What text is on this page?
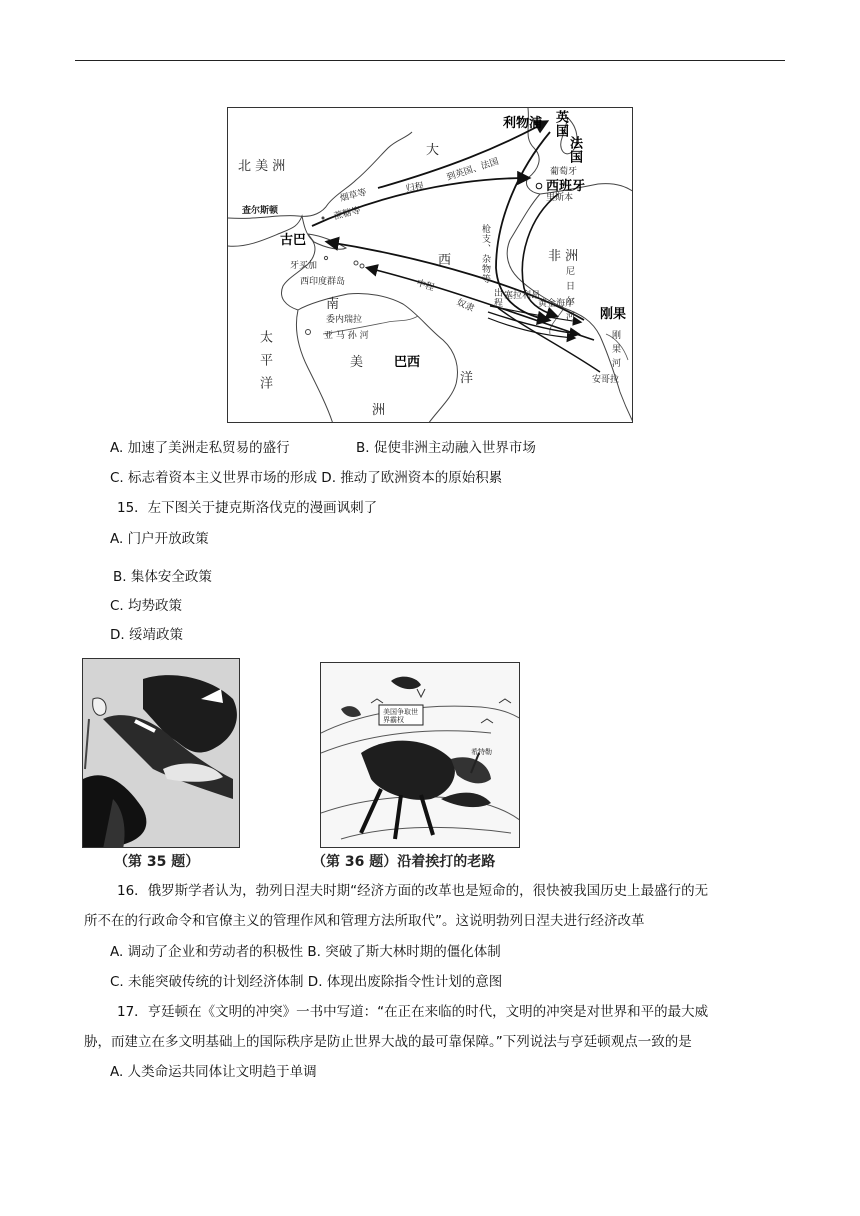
北 美 洲
大
利物浦 英国
法国
西班牙
葡萄牙
里斯本
查尔斯顿
烟草等	归程
到英国、法国
蔗糖等
古巴
牙买加
西印度群岛
西
中程
奴隶
南
委内瑞拉
亚 马 孙 河
太平洋	美 巴西
洋
洲
枪支、杂物等
出程
非 洲
尼日尔河
塞拉利昂
黄金海岸
刚果
刚果河
安哥拉
A. 加速了美洲走私贸易的盛行	B. 促使非洲主动融入世界市场
C. 标志着资本主义世界市场的形成 D. 推动了欧洲资本的原始积累
15．左下图关于捷克斯洛伐克的漫画讽刺了
A. 门户开放政策
B. 集体安全政策
C. 均势政策
D. 绥靖政策
（第 35 题）
美国争取世界霸权
希特勒
（第 36 题）沿着挨打的老路
16．俄罗斯学者认为，勃列日涅夫时期“经济方面的改革也是短命的，很快被我国历史上最盛行的无
所不在的行政命令和官僚主义的管理作风和管理方法所取代”。这说明勃列日涅夫进行经济改革
A. 调动了企业和劳动者的积极性 B. 突破了斯大林时期的僵化体制
C. 未能突破传统的计划经济体制 D. 体现出废除指令性计划的意图
17．亨廷顿在《文明的冲突》一书中写道：“在正在来临的时代，文明的冲突是对世界和平的最大威
胁，而建立在多文明基础上的国际秩序是防止世界大战的最可靠保障。”下列说法与亨廷顿观点一致的是
A. 人类命运共同体让文明趋于单调
